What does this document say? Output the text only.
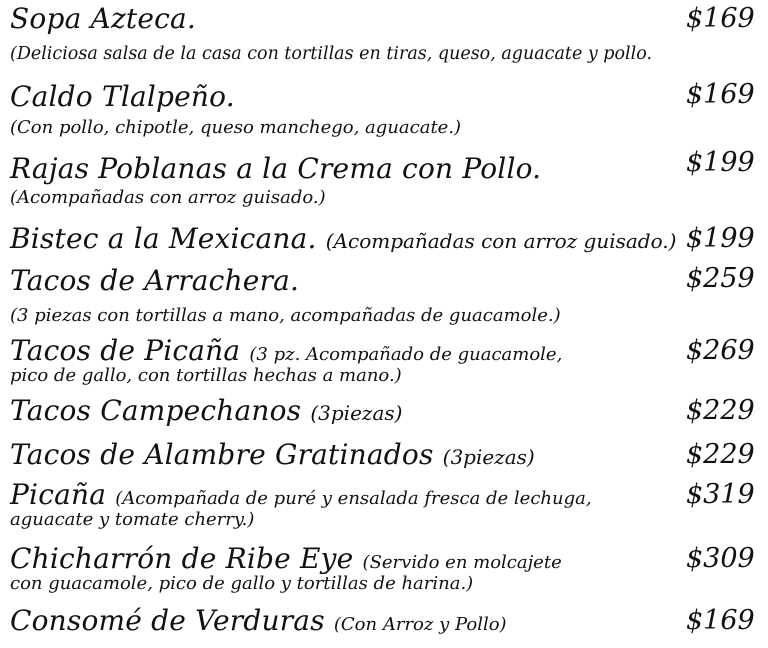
Sopa Azteca.	$169
(Deliciosa salsa de la casa con tortillas en tiras, queso, aguacate y pollo.
Caldo Tlalpeño.	$169
(Con pollo, chipotle, queso manchego, aguacate.)
Rajas Poblanas a la Crema con Pollo.	$199
(Acompañadas con arroz guisado.)
Bistec a la Mexicana. (Acompañadas con arroz guisado.) $199
Tacos de Arrachera.	$259
(3 piezas con tortillas a mano, acompañadas de guacamole.)
Tacos de Picaña (3 pz. Acompañado de guacamole,	$269
pico de gallo, con tortillas hechas a mano.)
Tacos Campechanos (3piezas)	$229
Tacos de Alambre Gratinados (3piezas)	$229
Picaña (Acompañada de puré y ensalada fresca de lechuga,	$319
aguacate y tomate cherry.)
Chicharrón de Ribe Eye (Servido en molcajete	$309
con guacamole, pico de gallo y tortillas de harina.)
Consomé de Verduras (Con Arroz y Pollo)	$169
